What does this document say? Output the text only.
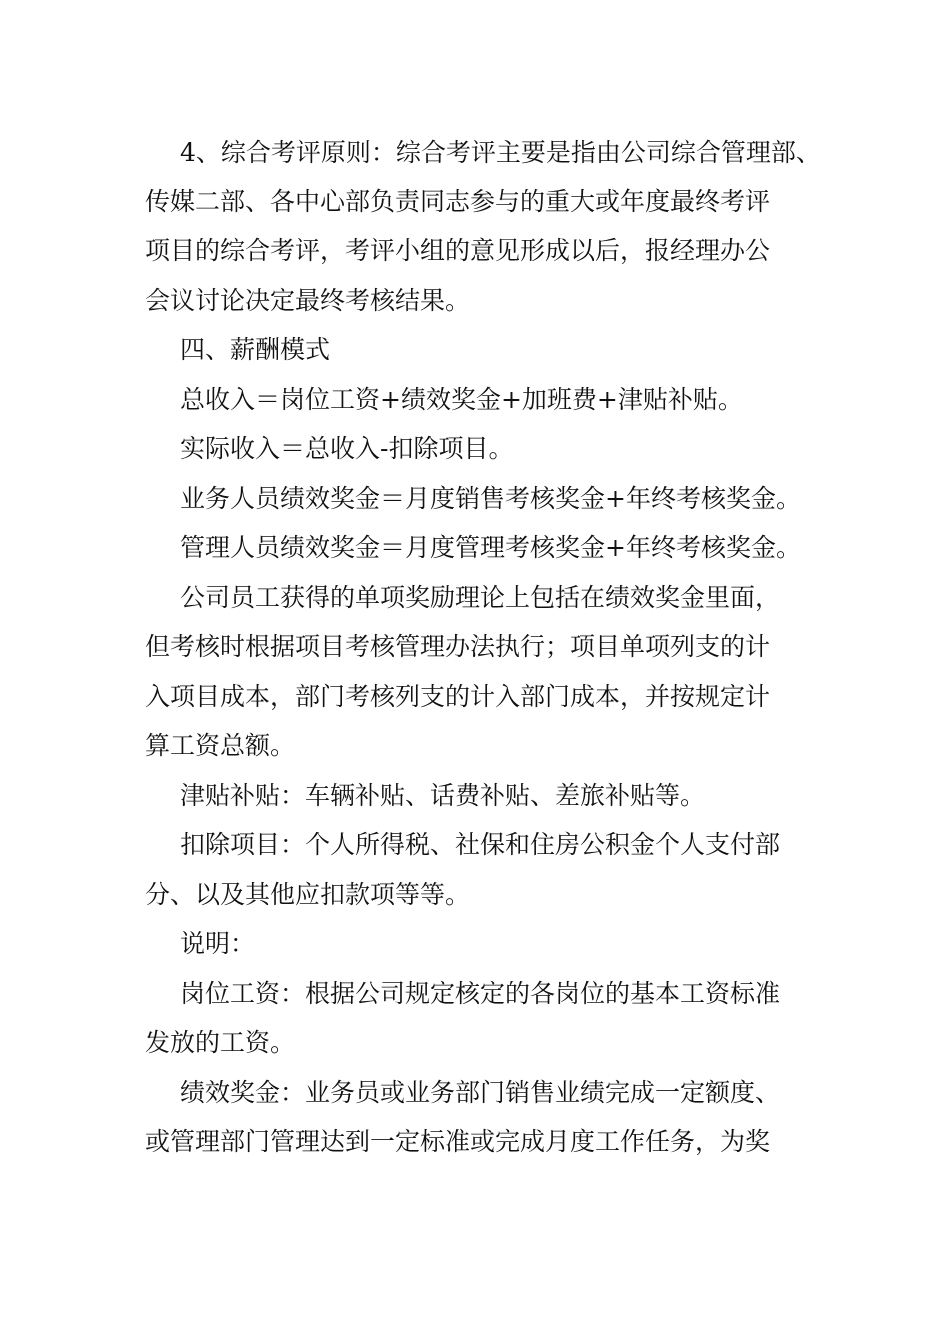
4、综合考评原则：综合考评主要是指由公司综合管理部、
传媒二部、各中心部负责同志参与的重大或年度最终考评
项目的综合考评，考评小组的意见形成以后，报经理办公
会议讨论决定最终考核结果。
四、薪酬模式
总收入＝岗位工资+绩效奖金+加班费+津贴补贴。
实际收入＝总收入-扣除项目。
业务人员绩效奖金＝月度销售考核奖金+年终考核奖金。
管理人员绩效奖金＝月度管理考核奖金+年终考核奖金。
公司员工获得的单项奖励理论上包括在绩效奖金里面，
但考核时根据项目考核管理办法执行；项目单项列支的计
入项目成本，部门考核列支的计入部门成本，并按规定计
算工资总额。
津贴补贴：车辆补贴、话费补贴、差旅补贴等。
扣除项目：个人所得税、社保和住房公积金个人支付部
分、以及其他应扣款项等等。
说明：
岗位工资：根据公司规定核定的各岗位的基本工资标准
发放的工资。
绩效奖金：业务员或业务部门销售业绩完成一定额度、
或管理部门管理达到一定标准或完成月度工作任务，为奖
